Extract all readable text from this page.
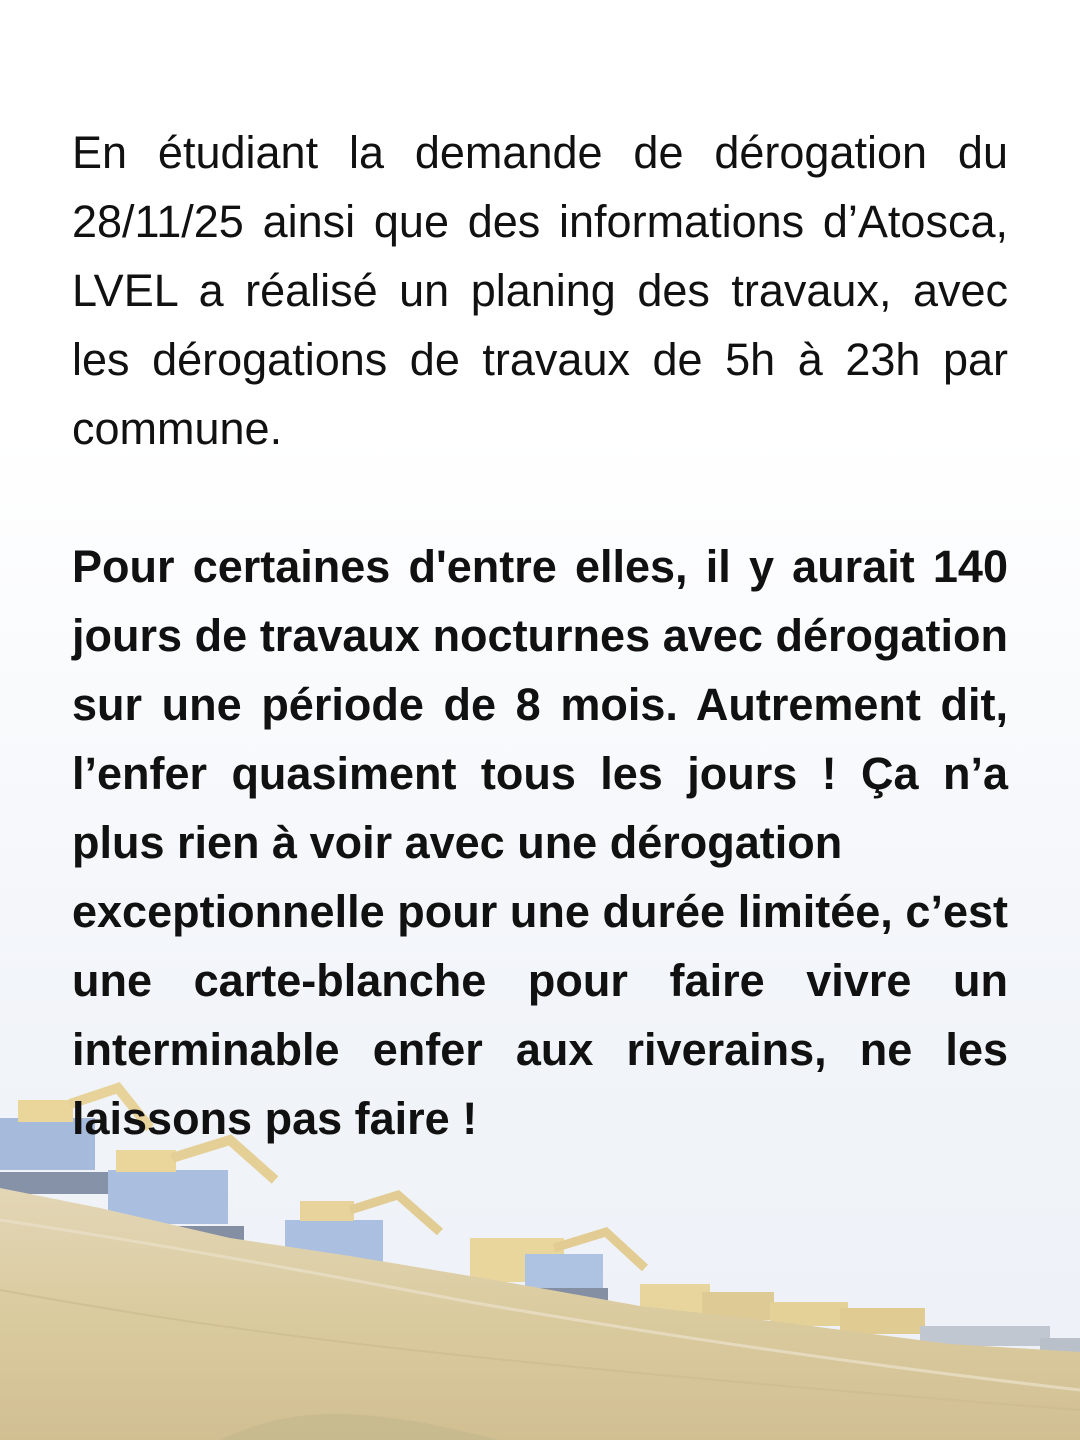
En étudiant la demande de dérogation du 28/11/25 ainsi que des informations d’Atosca, LVEL a réalisé un planing des travaux, avec les dérogations de travaux de 5h à 23h par commune.

Pour certaines d'entre elles, il y aurait 140 jours de travaux nocturnes avec dérogation sur une période de 8 mois. Autrement dit, l’enfer quasiment tous les jours ! Ça n’a plus rien à voir avec une dérogation
exceptionnelle pour une durée limitée, c’est une carte-blanche pour faire vivre un interminable enfer aux riverains, ne les laissons pas faire !
